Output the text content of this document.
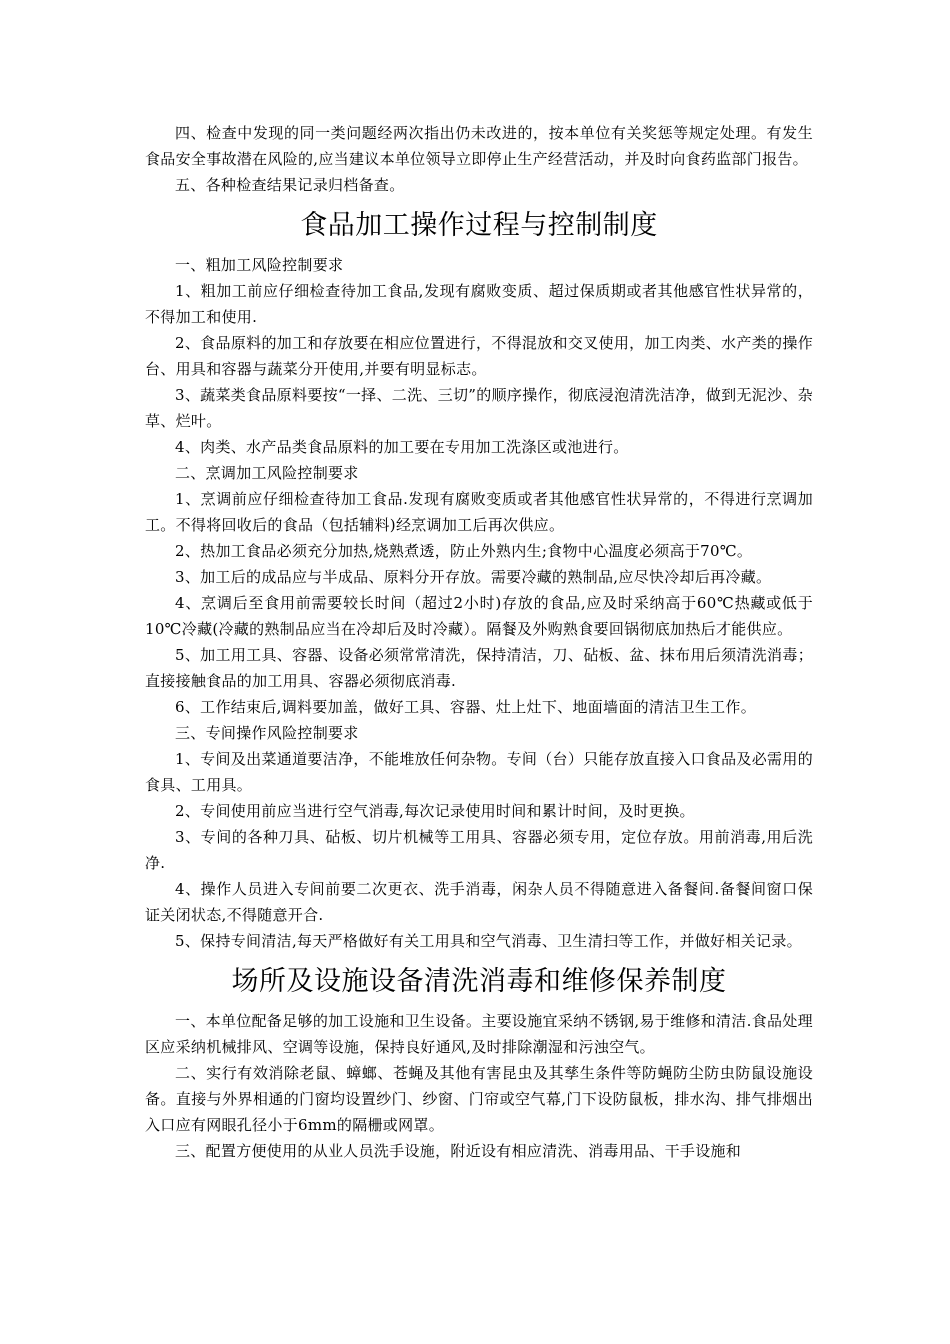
四、检查中发现的同一类问题经两次指出仍未改进的，按本单位有关奖惩等规定处理。有发生食品安全事故潜在风险的,应当建议本单位领导立即停止生产经营活动，并及时向食药监部门报告。

五、各种检查结果记录归档备查。

食品加工操作过程与控制制度

一、粗加工风险控制要求

1、粗加工前应仔细检查待加工食品,发现有腐败变质、超过保质期或者其他感官性状异常的，不得加工和使用.

2、食品原料的加工和存放要在相应位置进行，不得混放和交叉使用，加工肉类、水产类的操作台、用具和容器与蔬菜分开使用,并要有明显标志。

3、蔬菜类食品原料要按“一择、二洗、三切”的顺序操作，彻底浸泡清洗洁净，做到无泥沙、杂草、烂叶。

4、肉类、水产品类食品原料的加工要在专用加工洗涤区或池进行。

二、烹调加工风险控制要求

1、烹调前应仔细检查待加工食品.发现有腐败变质或者其他感官性状异常的，不得进行烹调加工。不得将回收后的食品（包括辅料)经烹调加工后再次供应。

2、热加工食品必须充分加热,烧熟煮透，防止外熟内生;食物中心温度必须高于70℃。

3、加工后的成品应与半成品、原料分开存放。需要冷藏的熟制品,应尽快冷却后再冷藏。

4、烹调后至食用前需要较长时间（超过2小时)存放的食品,应及时采纳高于60℃热藏或低于10℃冷藏(冷藏的熟制品应当在冷却后及时冷藏）。隔餐及外购熟食要回锅彻底加热后才能供应。

5、加工用工具、容器、设备必须常常清洗，保持清洁，刀、砧板、盆、抹布用后须清洗消毒；直接接触食品的加工用具、容器必须彻底消毒.

6、工作结束后,调料要加盖，做好工具、容器、灶上灶下、地面墙面的清洁卫生工作。

三、专间操作风险控制要求

1、专间及出菜通道要洁净，不能堆放任何杂物。专间（台）只能存放直接入口食品及必需用的食具、工用具。

2、专间使用前应当进行空气消毒,每次记录使用时间和累计时间，及时更换。

3、专间的各种刀具、砧板、切片机械等工用具、容器必须专用，定位存放。用前消毒,用后洗净.

4、操作人员进入专间前要二次更衣、洗手消毒，闲杂人员不得随意进入备餐间.备餐间窗口保证关闭状态,不得随意开合.

5、保持专间清洁,每天严格做好有关工用具和空气消毒、卫生清扫等工作，并做好相关记录。

场所及设施设备清洗消毒和维修保养制度

一、本单位配备足够的加工设施和卫生设备。主要设施宜采纳不锈钢,易于维修和清洁.食品处理区应采纳机械排风、空调等设施，保持良好通风,及时排除潮湿和污浊空气。

二、实行有效消除老鼠、蟑螂、苍蝇及其他有害昆虫及其孳生条件等防蝇防尘防虫防鼠设施设备。直接与外界相通的门窗均设置纱门、纱窗、门帘或空气幕,门下设防鼠板，排水沟、排气排烟出入口应有网眼孔径小于6mm的隔栅或网罩。

三、配置方便使用的从业人员洗手设施，附近设有相应清洗、消毒用品、干手设施和
